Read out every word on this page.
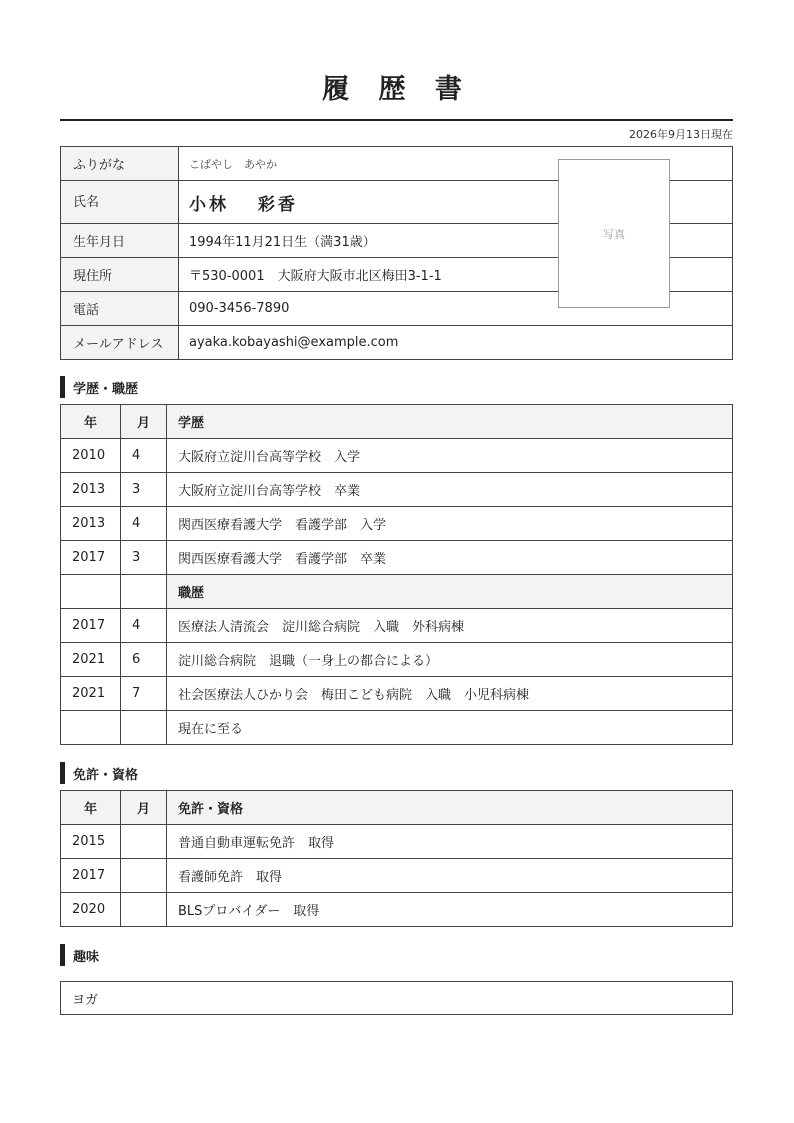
履 歴 書
2026年9月13日現在
ふりがな	こばやし　あやか
氏名	小林　 彩香
生年月日	1994年11月21日生（満31歳）
現住所	〒530-0001　大阪府大阪市北区梅田3-1-1
電話	090-3456-7890
メールアドレス	ayaka.kobayashi@example.com
写真
学歴・職歴
年	月	学歴
2010	4	大阪府立淀川台高等学校　入学
2013	3	大阪府立淀川台高等学校　卒業
2013	4	関西医療看護大学　看護学部　入学
2017	3	関西医療看護大学　看護学部　卒業
		職歴
2017	4	医療法人清流会　淀川総合病院　入職　外科病棟
2021	6	淀川総合病院　退職（一身上の都合による）
2021	7	社会医療法人ひかり会　梅田こども病院　入職　小児科病棟
		現在に至る
免許・資格
年	月	免許・資格
2015		普通自動車運転免許　取得
2017		看護師免許　取得
2020		BLSプロバイダー　取得
趣味
ヨガ
